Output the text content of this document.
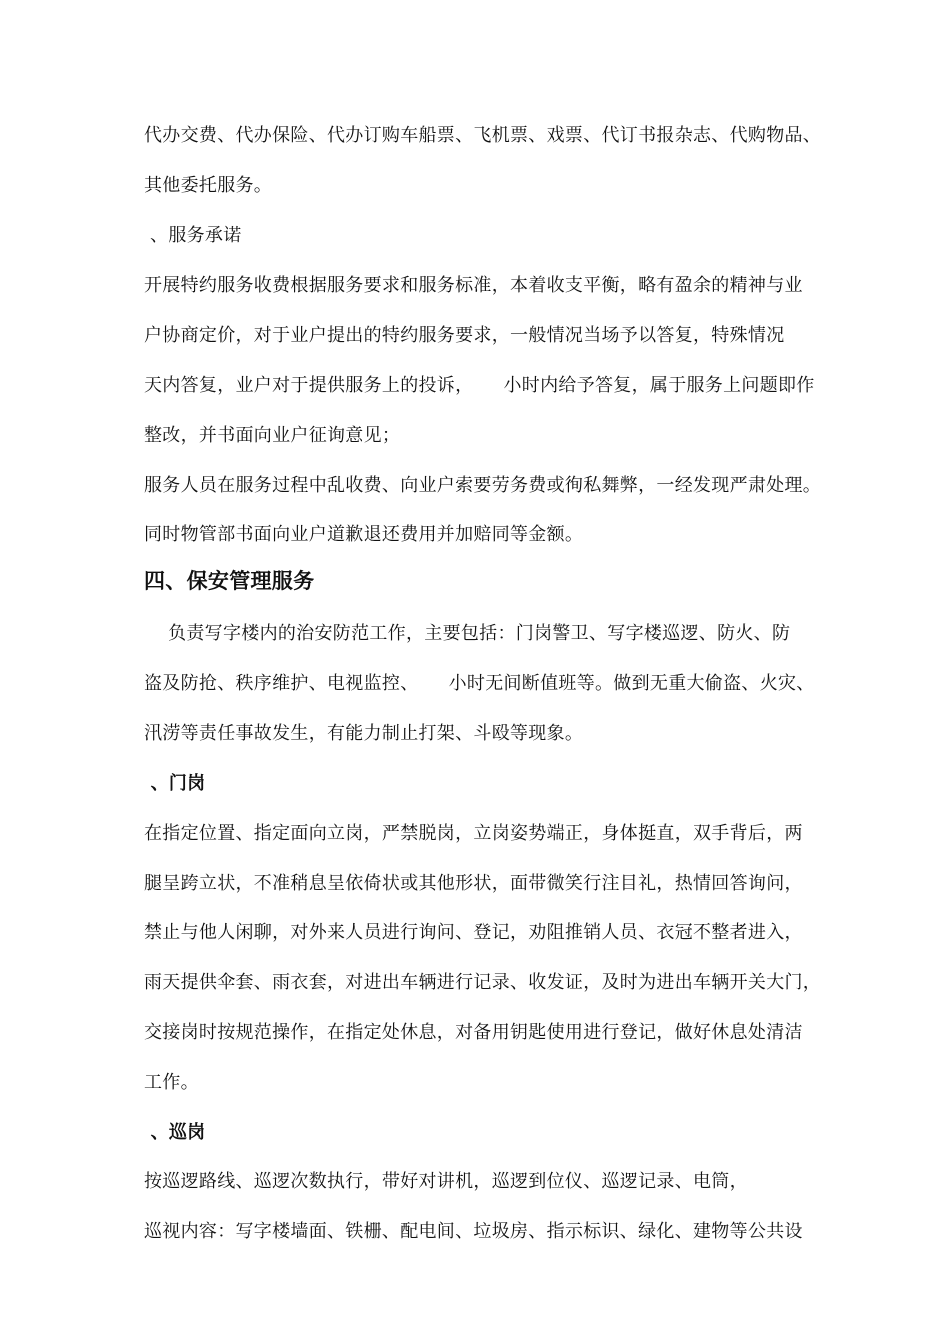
代办交费、代办保险、代办订购车船票、飞机票、戏票、代订书报杂志、代购物品、
其他委托服务。
、服务承诺
开展特约服务收费根据服务要求和服务标准，本着收支平衡，略有盈余的精神与业
户协商定价，对于业户提出的特约服务要求，一般情况当场予以答复，特殊情况
天内答复，业户对于提供服务上的投诉，     小时内给予答复，属于服务上问题即作
整改，并书面向业户征询意见；
服务人员在服务过程中乱收费、向业户索要劳务费或徇私舞弊，一经发现严肃处理。
同时物管部书面向业户道歉退还费用并加赔同等金额。
四、保安管理服务
负责写字楼内的治安防范工作，主要包括：门岗警卫、写字楼巡逻、防火、防
盗及防抢、秩序维护、电视监控、     小时无间断值班等。做到无重大偷盗、火灾、
汛涝等责任事故发生，有能力制止打架、斗殴等现象。
、门岗
在指定位置、指定面向立岗，严禁脱岗，立岗姿势端正，身体挺直，双手背后，两
腿呈跨立状，不准稍息呈依倚状或其他形状，面带微笑行注目礼，热情回答询问，
禁止与他人闲聊，对外来人员进行询问、登记，劝阻推销人员、衣冠不整者进入，
雨天提供伞套、雨衣套，对进出车辆进行记录、收发证，及时为进出车辆开关大门，
交接岗时按规范操作，在指定处休息，对备用钥匙使用进行登记，做好休息处清洁
工作。
、巡岗
按巡逻路线、巡逻次数执行，带好对讲机，巡逻到位仪、巡逻记录、电筒，
巡视内容：写字楼墙面、铁栅、配电间、垃圾房、指示标识、绿化、建物等公共设
